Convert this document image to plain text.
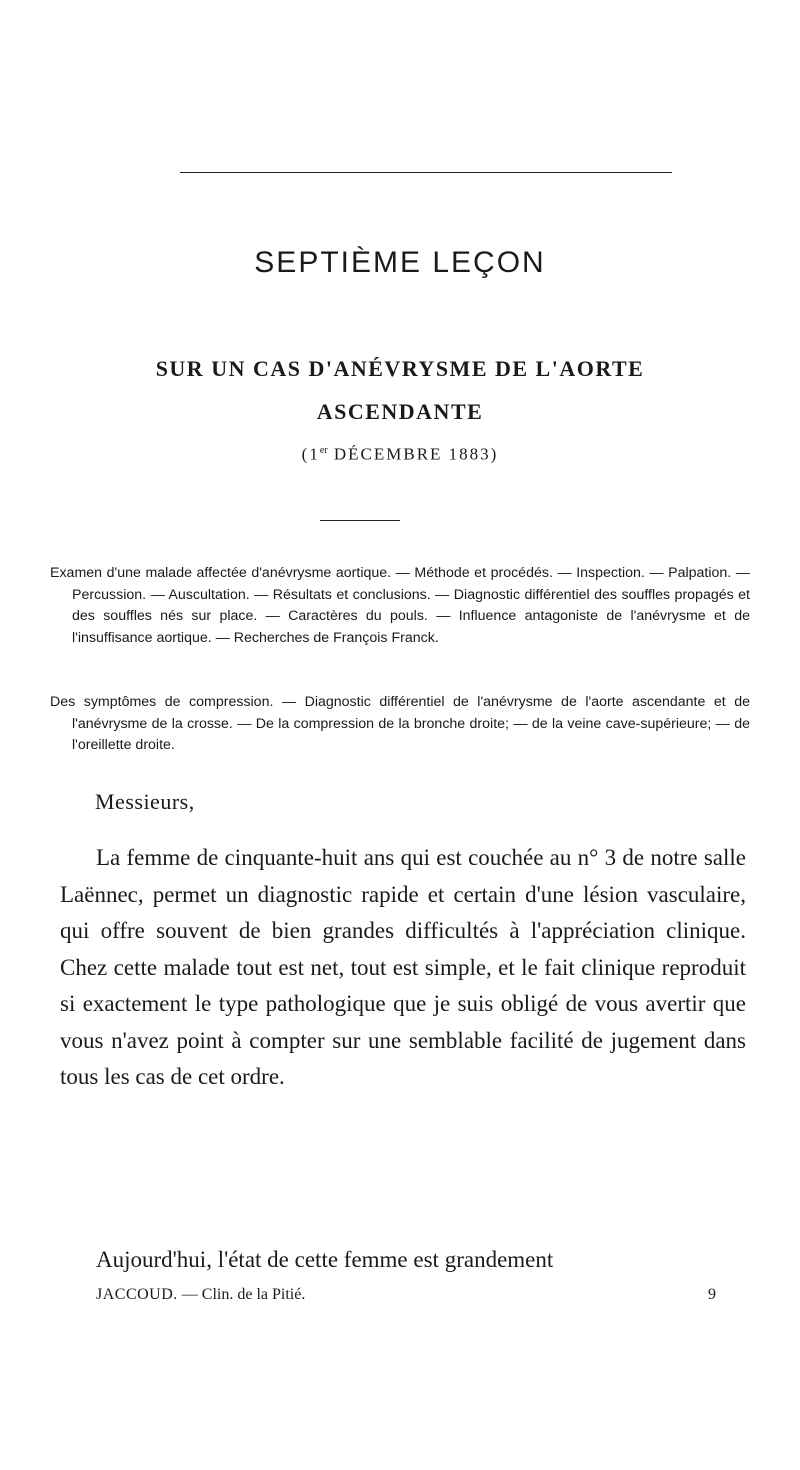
SEPTIÈME LEÇON
SUR UN CAS D'ANÉVRYSME DE L'AORTE
ASCENDANTE
(1er DÉCEMBRE 1883)

Examen d'une malade affectée d'anévrysme aortique. — Méthode et procédés. — Inspection. — Palpation. — Percussion. — Auscultation. — Résultats et conclusions. — Diagnostic différentiel des souffles propagés et des souffles nés sur place. — Caractères du pouls. — Influence antagoniste de l'anévrysme et de l'insuffisance aortique. — Recherches de François Franck.

Des symptômes de compression. — Diagnostic différentiel de l'anévrysme de l'aorte ascendante et de l'anévrysme de la crosse. — De la compression de la bronche droite; — de la veine cave-supérieure; — de l'oreillette droite.

Messieurs,

La femme de cinquante-huit ans qui est couchée au n° 3 de notre salle Laënnec, permet un diagnostic rapide et certain d'une lésion vasculaire, qui offre souvent de bien grandes difficultés à l'appréciation clinique. Chez cette malade tout est net, tout est simple, et le fait clinique reproduit si exactement le type pathologique que je suis obligé de vous avertir que vous n'avez point à compter sur une semblable facilité de jugement dans tous les cas de cet ordre.

Aujourd'hui, l'état de cette femme est grandement

JACCOUD. — Clin. de la Pitié.	9
